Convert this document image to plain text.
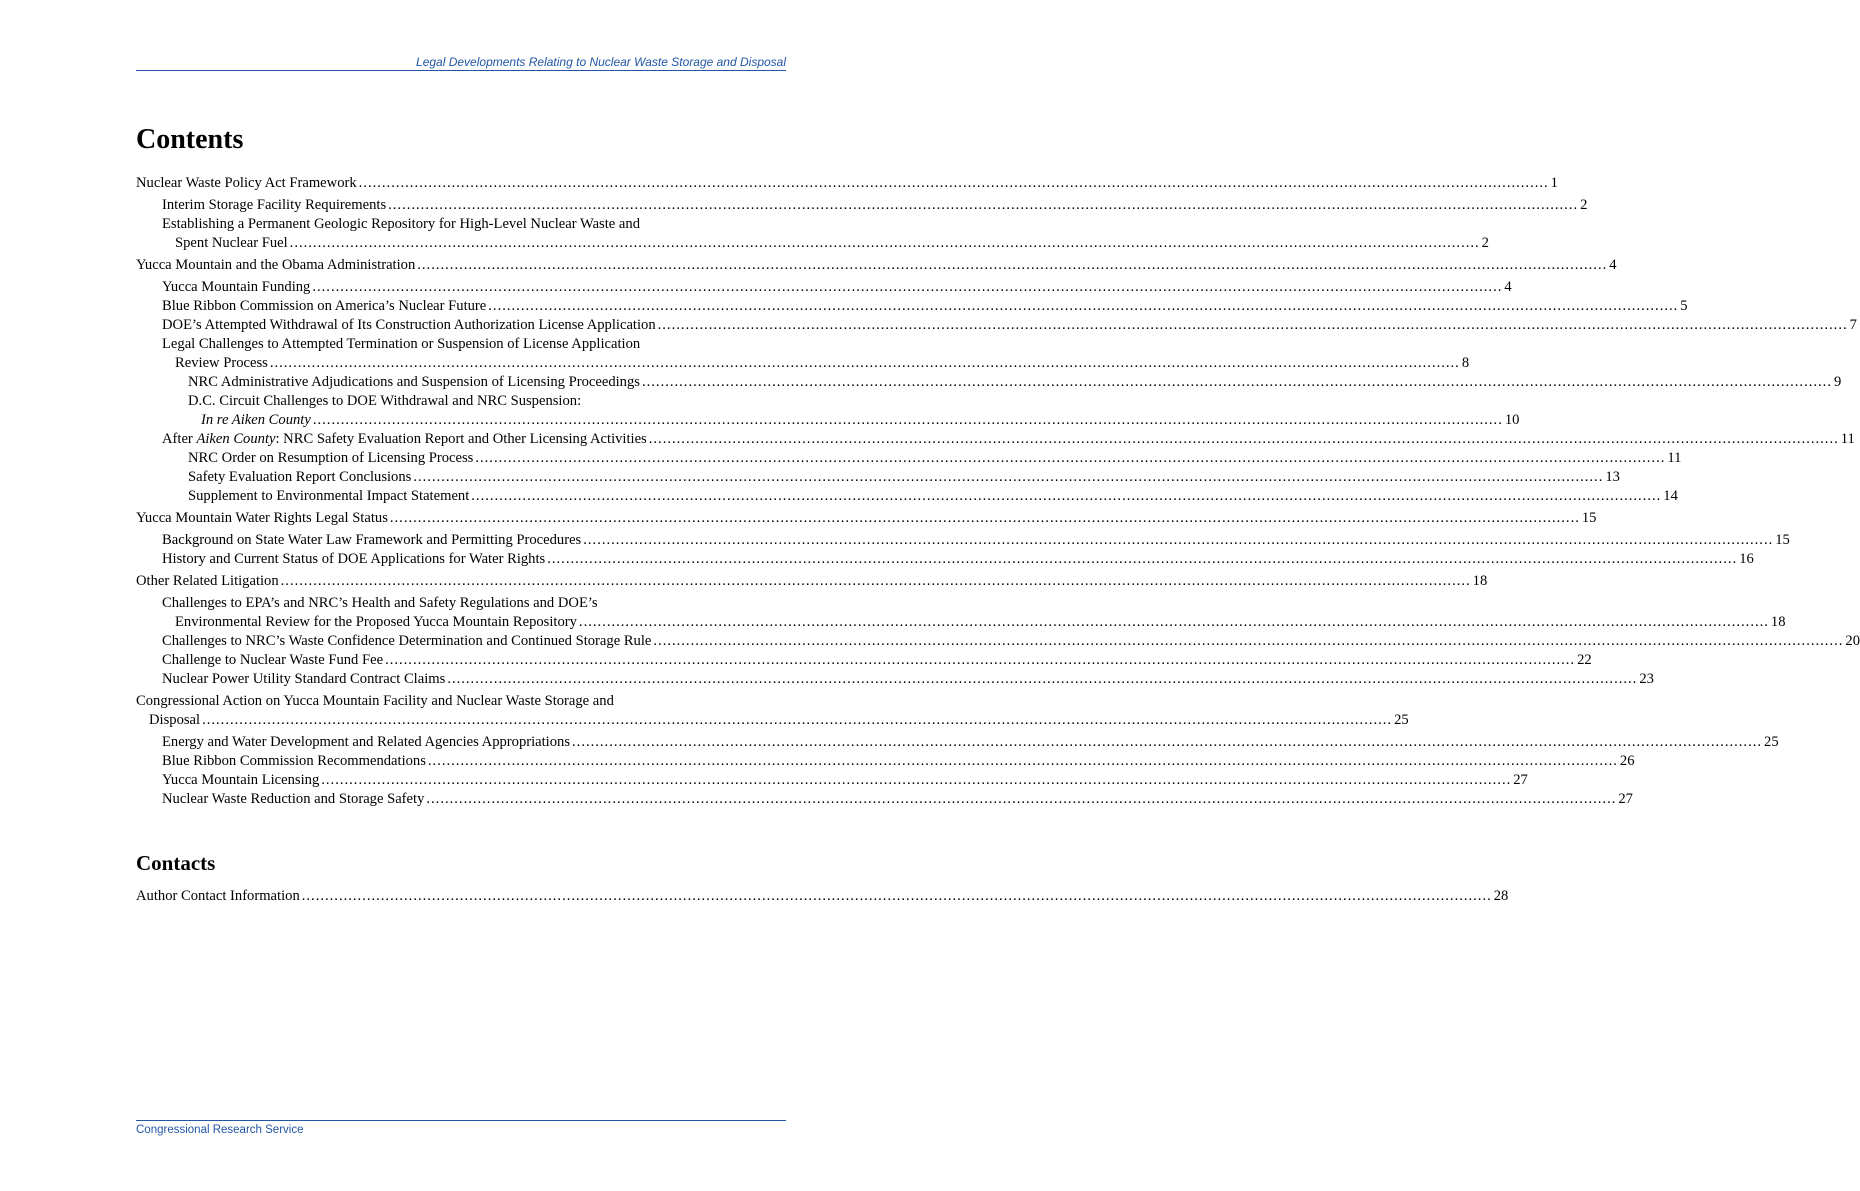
Legal Developments Relating to Nuclear Waste Storage and Disposal
Contents
Nuclear Waste Policy Act Framework .....	1
Interim Storage Facility Requirements .....	2
Establishing a Permanent Geologic Repository for High-Level Nuclear Waste and
Spent Nuclear Fuel .....	2
Yucca Mountain and the Obama Administration .....	4
Yucca Mountain Funding .....	4
Blue Ribbon Commission on America’s Nuclear Future .....	5
DOE’s Attempted Withdrawal of Its Construction Authorization License Application .....	7
Legal Challenges to Attempted Termination or Suspension of License Application
Review Process .....	8
NRC Administrative Adjudications and Suspension of Licensing Proceedings .....	9
D.C. Circuit Challenges to DOE Withdrawal and NRC Suspension:
In re Aiken County .....	10
After Aiken County: NRC Safety Evaluation Report and Other Licensing Activities .....	11
NRC Order on Resumption of Licensing Process .....	11
Safety Evaluation Report Conclusions .....	13
Supplement to Environmental Impact Statement .....	14
Yucca Mountain Water Rights Legal Status .....	15
Background on State Water Law Framework and Permitting Procedures .....	15
History and Current Status of DOE Applications for Water Rights .....	16
Other Related Litigation .....	18
Challenges to EPA’s and NRC’s Health and Safety Regulations and DOE’s
Environmental Review for the Proposed Yucca Mountain Repository .....	18
Challenges to NRC’s Waste Confidence Determination and Continued Storage Rule .....	20
Challenge to Nuclear Waste Fund Fee .....	22
Nuclear Power Utility Standard Contract Claims .....	23
Congressional Action on Yucca Mountain Facility and Nuclear Waste Storage and
Disposal .....	25
Energy and Water Development and Related Agencies Appropriations .....	25
Blue Ribbon Commission Recommendations .....	26
Yucca Mountain Licensing .....	27
Nuclear Waste Reduction and Storage Safety .....	27
Contacts
Author Contact Information .....	28
Congressional Research Service
